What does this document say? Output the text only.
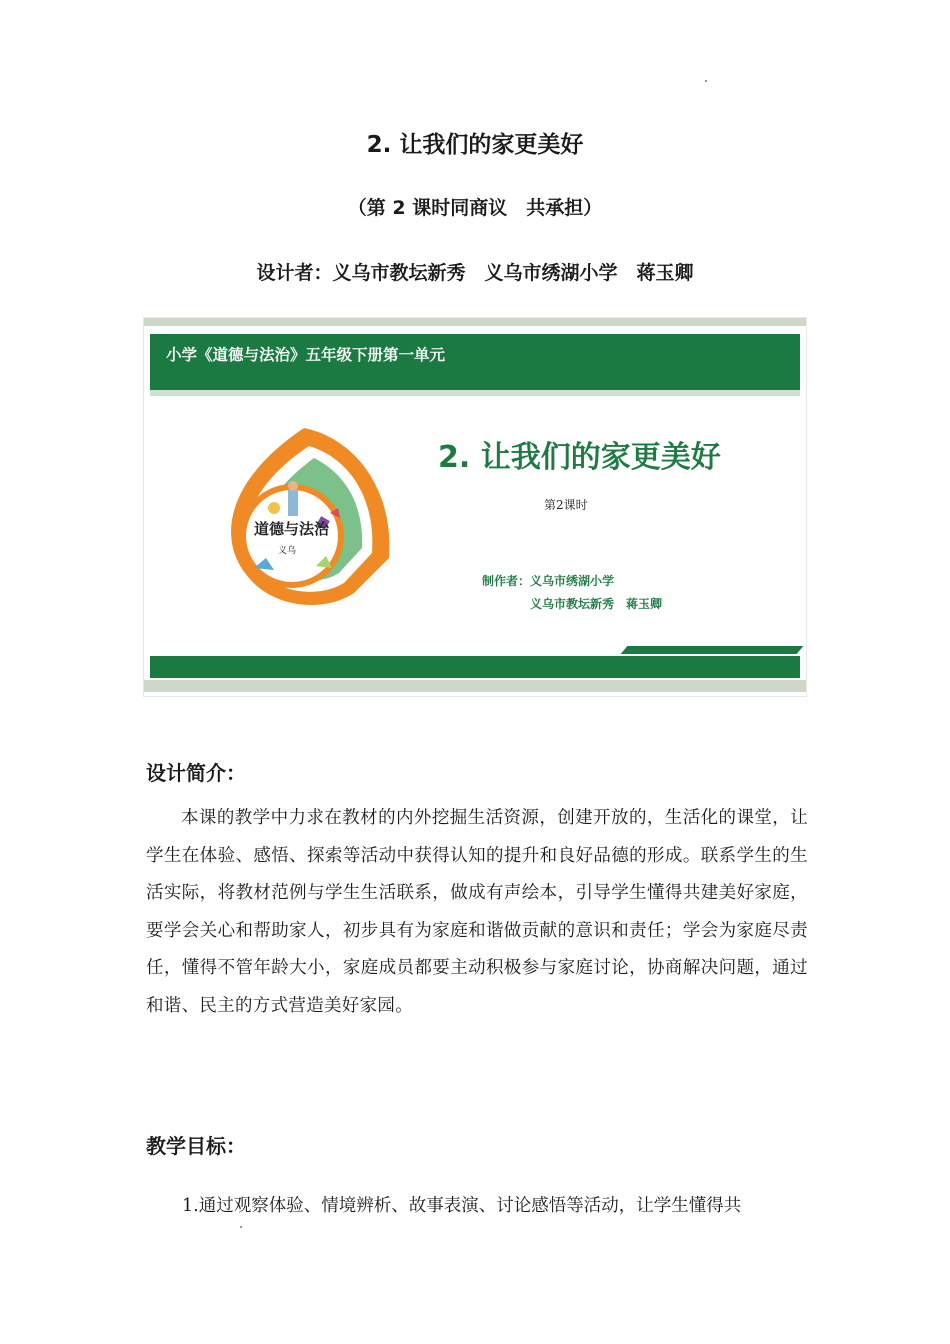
2. 让我们的家更美好
（第 2 课时同商议　共承担）
设计者：义乌市教坛新秀　义乌市绣湖小学　蒋玉卿
小学《道德与法治》五年级下册第一单元
道德与法治
义乌
2. 让我们的家更美好
第2课时
制作者：义乌市绣湖小学
义乌市教坛新秀　蒋玉卿
设计简介：
本课的教学中力求在教材的内外挖掘生活资源，创建开放的，生活化的课堂，让学生在体验、感悟、探索等活动中获得认知的提升和良好品德的形成。联系学生的生活实际，将教材范例与学生生活联系，做成有声绘本，引导学生懂得共建美好家庭，要学会关心和帮助家人，初步具有为家庭和谐做贡献的意识和责任；学会为家庭尽责任，懂得不管年龄大小，家庭成员都要主动积极参与家庭讨论，协商解决问题，通过和谐、民主的方式营造美好家园。
教学目标：
1.通过观察体验、情境辨析、故事表演、讨论感悟等活动，让学生懂得共
